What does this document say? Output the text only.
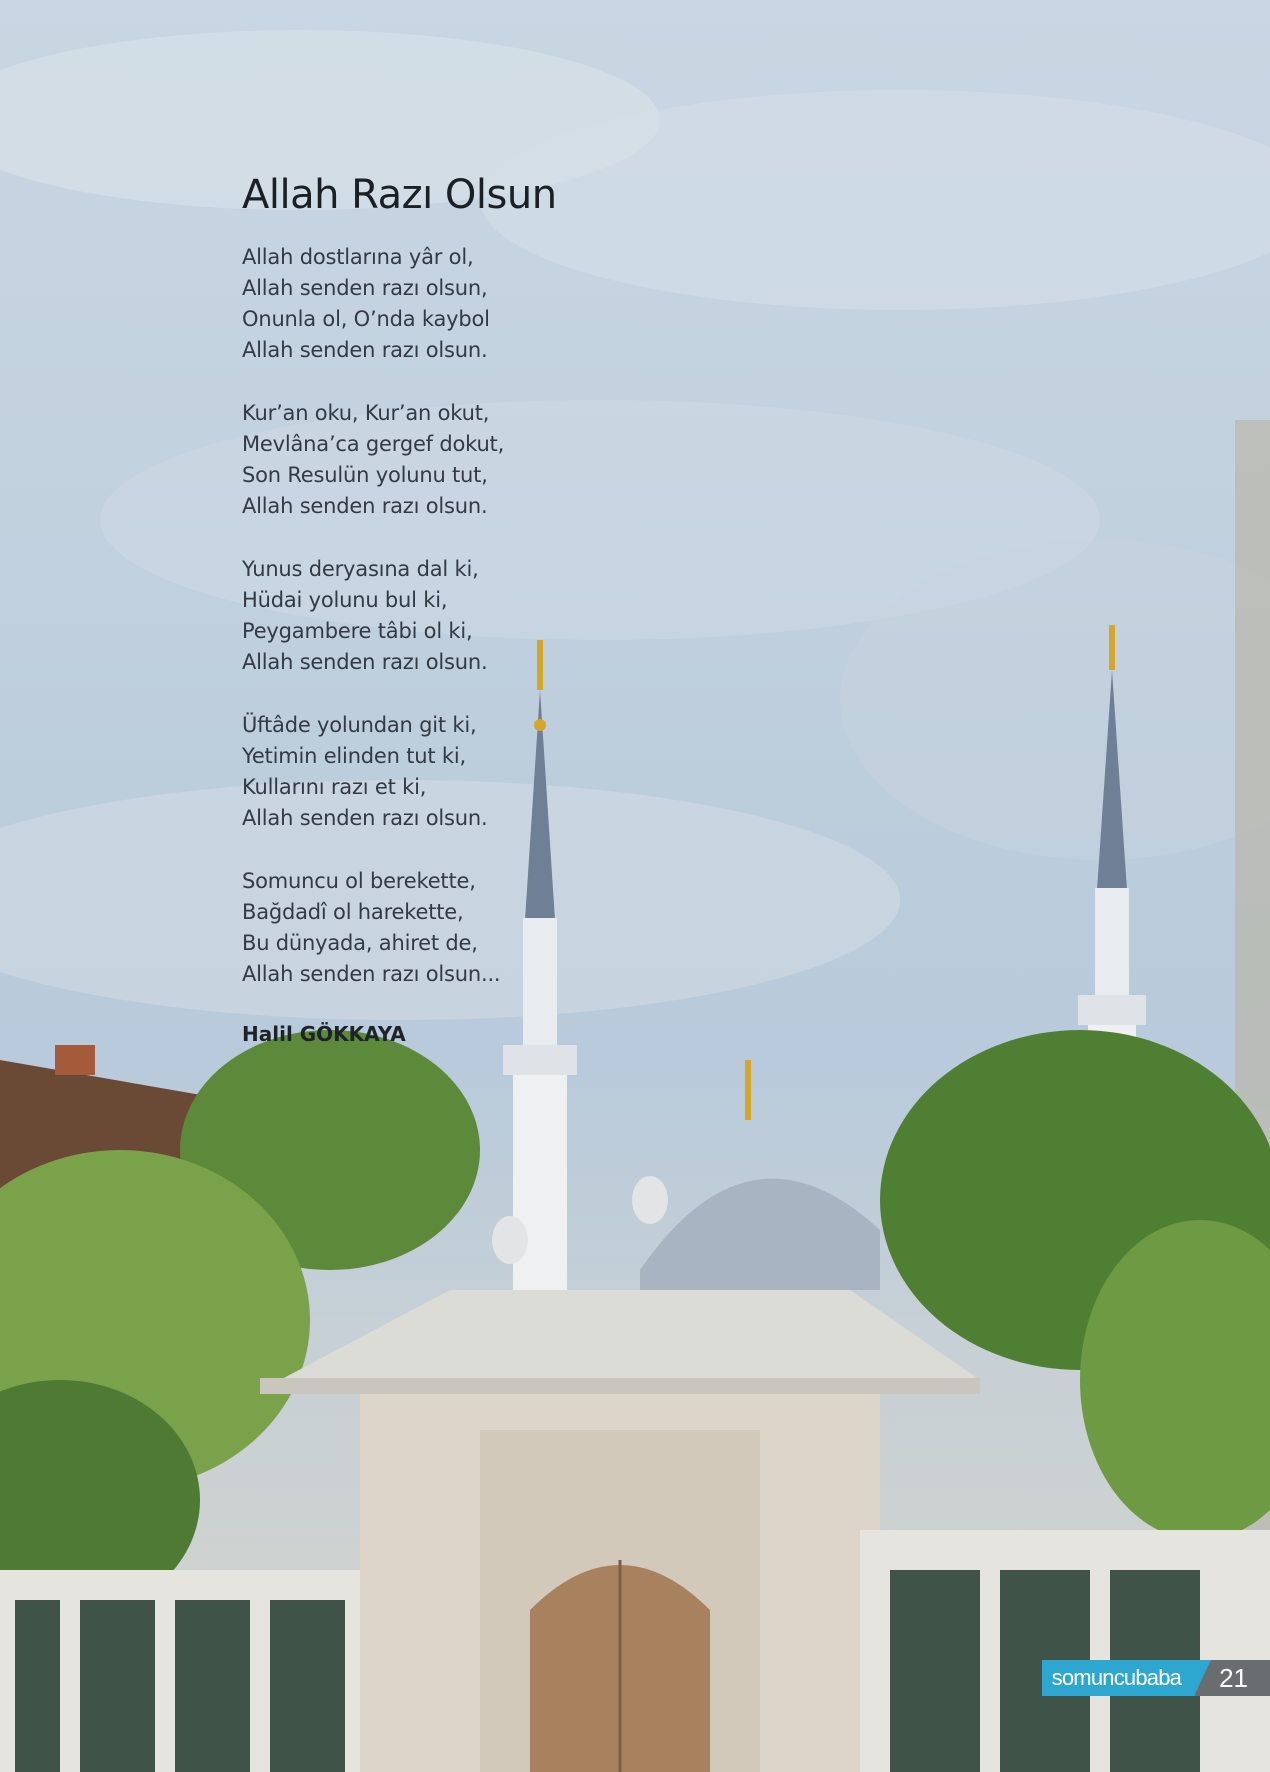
Allah Razı Olsun
Allah dostlarına yâr ol,
Allah senden razı olsun,
Onunla ol, O’nda kaybol
Allah senden razı olsun.
Kur’an oku, Kur’an okut,
Mevlâna’ca gergef dokut,
Son Resulün yolunu tut,
Allah senden razı olsun.
Yunus deryasına dal ki,
Hüdai yolunu bul ki,
Peygambere tâbi ol ki,
Allah senden razı olsun.
Üftâde yolundan git ki,
Yetimin elinden tut ki,
Kullarını razı et ki,
Allah senden razı olsun.
Somuncu ol berekette,
Bağdadî ol harekette,
Bu dünyada, ahiret de,
Allah senden razı olsun...
Halil GÖKKAYA
somuncubaba	21
